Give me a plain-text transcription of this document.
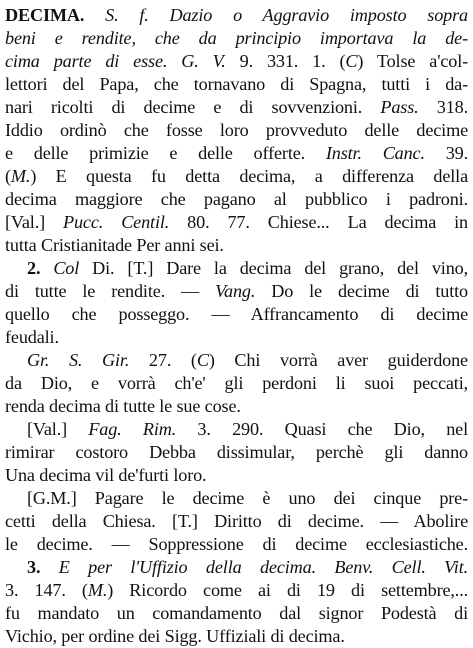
DECIMA. S. f. Dazio o Aggravio imposto sopra
beni e rendite, che da principio importava la de-
cima parte di esse. G. V. 9. 331. 1. (C) Tolse a'col-
lettori del Papa, che tornavano di Spagna, tutti i da-
nari ricolti di decime e di sovvenzioni. Pass. 318.
Iddio ordinò che fosse loro provveduto delle decime
e delle primizie e delle offerte. Instr. Canc. 39.
(M.) E questa fu detta decima, a differenza della
decima maggiore che pagano al pubblico i padroni.
[Val.] Pucc. Centil. 80. 77. Chiese... La decima in
tutta Cristianitade Per anni sei.
2. Col Di. [T.] Dare la decima del grano, del vino,
di tutte le rendite. — Vang. Do le decime di tutto
quello che posseggo. — Affrancamento di decime
feudali.
Gr. S. Gir. 27. (C) Chi vorrà aver guiderdone
da Dio, e vorrà ch'e' gli perdoni li suoi peccati,
renda decima di tutte le sue cose.
[Val.] Fag. Rim. 3. 290. Quasi che Dio, nel
rimirar costoro Debba dissimular, perchè gli danno
Una decima vil de'furti loro.
[G.M.] Pagare le decime è uno dei cinque pre-
cetti della Chiesa. [T.] Diritto di decime. — Abolire
le decime. — Soppressione di decime ecclesiastiche.
3. E per l'Uffizio della decima. Benv. Cell. Vit.
3. 147. (M.) Ricordo come ai di 19 di settembre,...
fu mandato un comandamento dal signor Podestà di
Vichio, per ordine dei Sigg. Uffiziali di decima.
